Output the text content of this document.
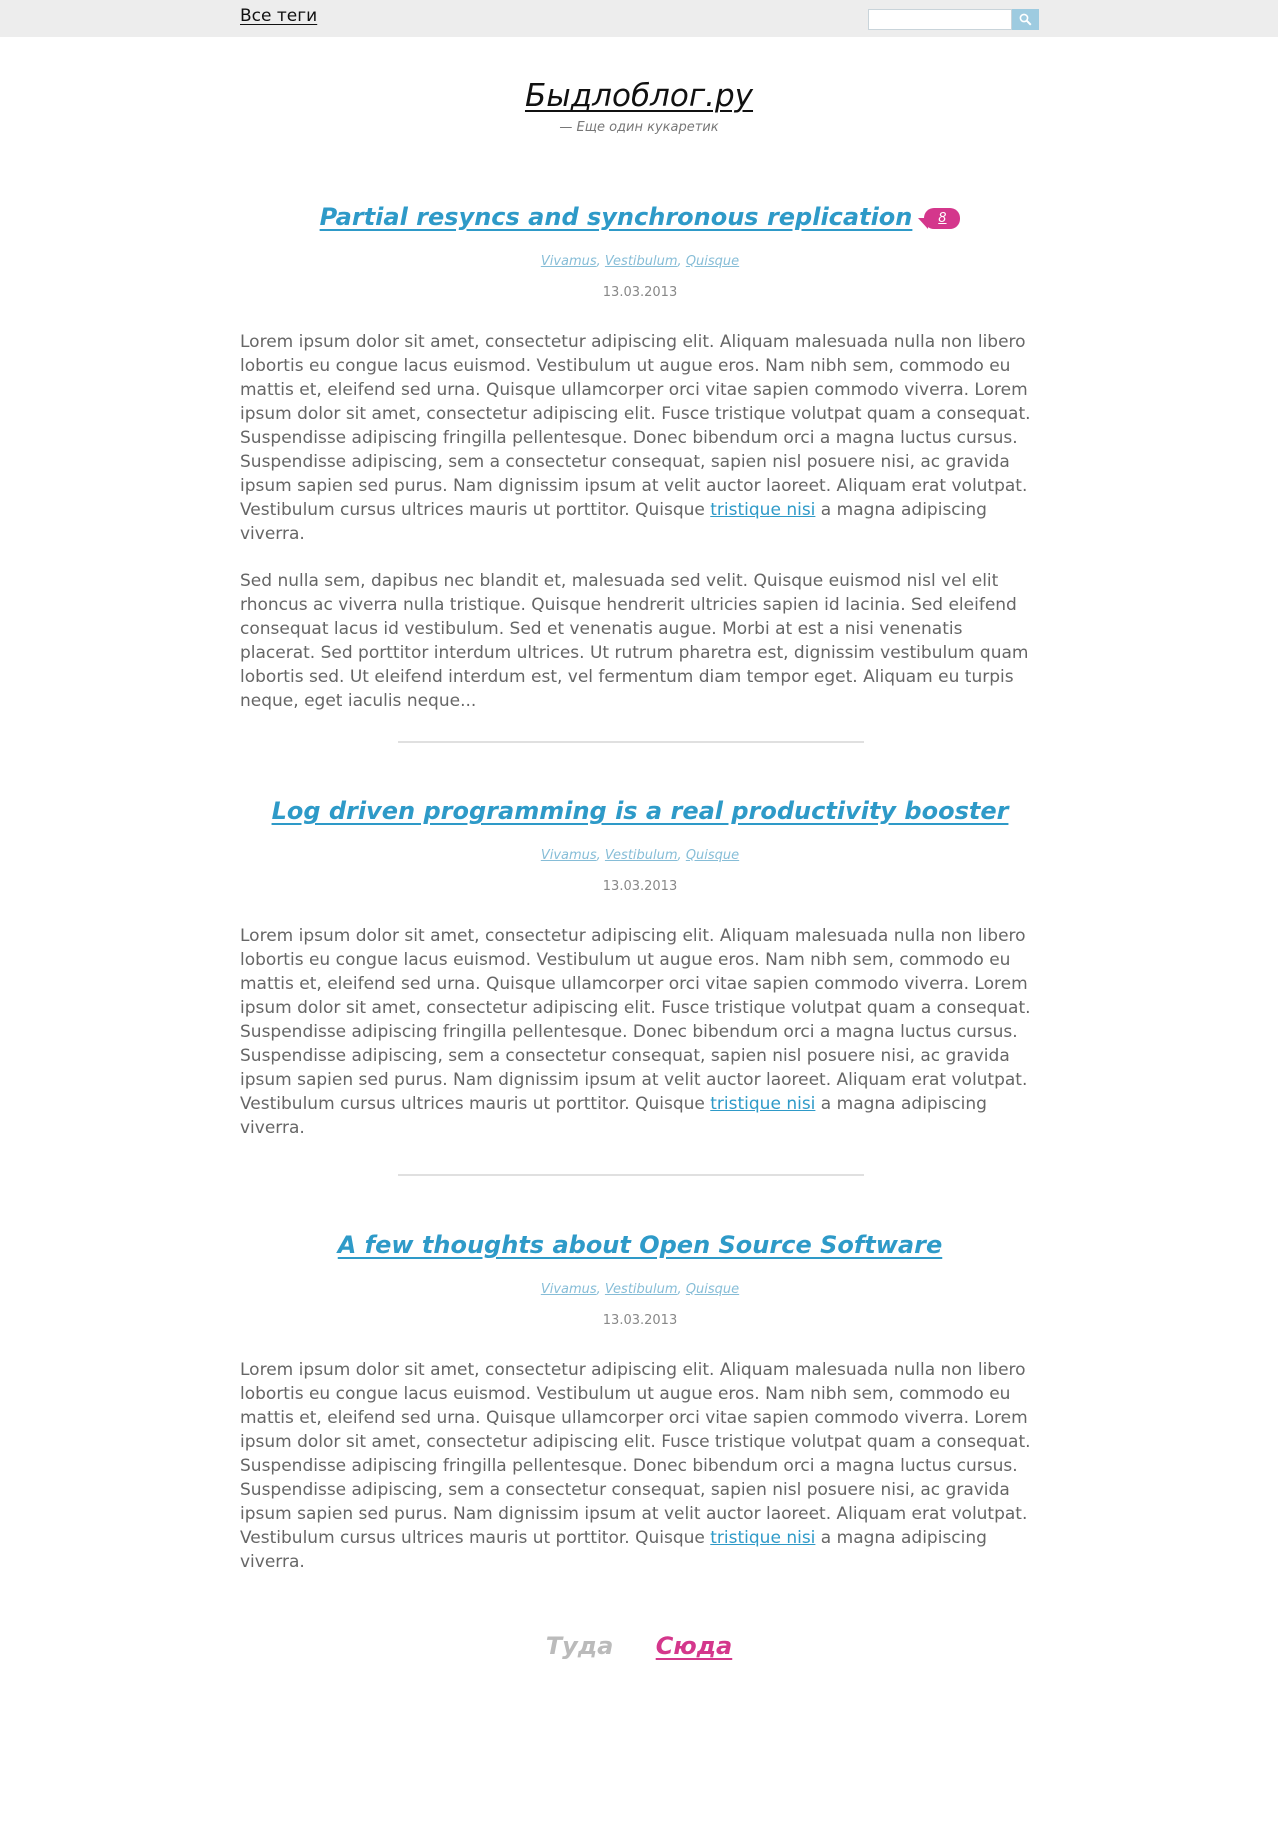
Все теги
Быдлоблог.ру
— Еще один кукаретик
Partial resyncs and synchronous replication 8
Vivamus, Vestibulum, Quisque
13.03.2013

Lorem ipsum dolor sit amet, consectetur adipiscing elit. Aliquam malesuada nulla non libero lobortis eu congue lacus euismod. Vestibulum ut augue eros. Nam nibh sem, commodo eu mattis et, eleifend sed urna. Quisque ullamcorper orci vitae sapien commodo viverra. Lorem ipsum dolor sit amet, consectetur adipiscing elit. Fusce tristique volutpat quam a consequat. Suspendisse adipiscing fringilla pellentesque. Donec bibendum orci a magna luctus cursus. Suspendisse adipiscing, sem a consectetur consequat, sapien nisl posuere nisi, ac gravida ipsum sapien sed purus. Nam dignissim ipsum at velit auctor laoreet. Aliquam erat volutpat. Vestibulum cursus ultrices mauris ut porttitor. Quisque tristique nisi a magna adipiscing viverra.

Sed nulla sem, dapibus nec blandit et, malesuada sed velit. Quisque euismod nisl vel elit rhoncus ac viverra nulla tristique. Quisque hendrerit ultricies sapien id lacinia. Sed eleifend consequat lacus id vestibulum. Sed et venenatis augue. Morbi at est a nisi venenatis placerat. Sed porttitor interdum ultrices. Ut rutrum pharetra est, dignissim vestibulum quam lobortis sed. Ut eleifend interdum est, vel fermentum diam tempor eget. Aliquam eu turpis neque, eget iaculis neque...

Log driven programming is a real productivity booster
Vivamus, Vestibulum, Quisque
13.03.2013

Lorem ipsum dolor sit amet, consectetur adipiscing elit. Aliquam malesuada nulla non libero lobortis eu congue lacus euismod. Vestibulum ut augue eros. Nam nibh sem, commodo eu mattis et, eleifend sed urna. Quisque ullamcorper orci vitae sapien commodo viverra. Lorem ipsum dolor sit amet, consectetur adipiscing elit. Fusce tristique volutpat quam a consequat. Suspendisse adipiscing fringilla pellentesque. Donec bibendum orci a magna luctus cursus. Suspendisse adipiscing, sem a consectetur consequat, sapien nisl posuere nisi, ac gravida ipsum sapien sed purus. Nam dignissim ipsum at velit auctor laoreet. Aliquam erat volutpat. Vestibulum cursus ultrices mauris ut porttitor. Quisque tristique nisi a magna adipiscing viverra.

A few thoughts about Open Source Software
Vivamus, Vestibulum, Quisque
13.03.2013

Lorem ipsum dolor sit amet, consectetur adipiscing elit. Aliquam malesuada nulla non libero lobortis eu congue lacus euismod. Vestibulum ut augue eros. Nam nibh sem, commodo eu mattis et, eleifend sed urna. Quisque ullamcorper orci vitae sapien commodo viverra. Lorem ipsum dolor sit amet, consectetur adipiscing elit. Fusce tristique volutpat quam a consequat. Suspendisse adipiscing fringilla pellentesque. Donec bibendum orci a magna luctus cursus. Suspendisse adipiscing, sem a consectetur consequat, sapien nisl posuere nisi, ac gravida ipsum sapien sed purus. Nam dignissim ipsum at velit auctor laoreet. Aliquam erat volutpat. Vestibulum cursus ultrices mauris ut porttitor. Quisque tristique nisi a magna adipiscing viverra.

Туда Сюда
